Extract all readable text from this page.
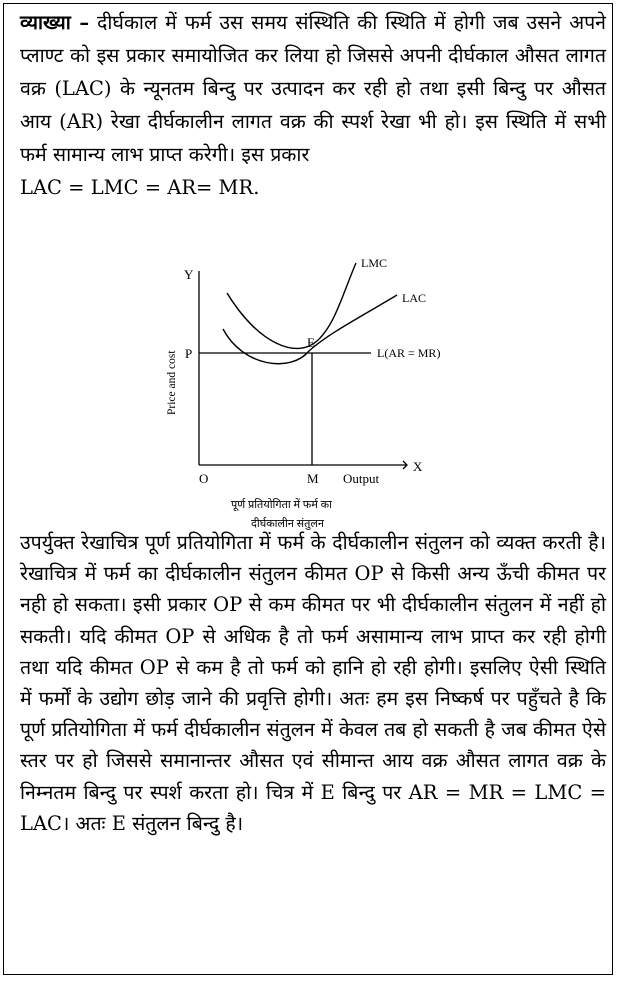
व्याख्या – दीर्घकाल में फर्म उस समय संस्थिति की स्थिति में होगी जब उसने अपने प्लाण्ट को इस प्रकार समायोजित कर लिया हो जिससे अपनी दीर्घकाल औसत लागत वक्र (LAC) के न्यूनतम बिन्दु पर उत्पादन कर रही हो तथा इसी बिन्दु पर औसत आय (AR) रेखा दीर्घकालीन लागत वक्र की स्पर्श रेखा भी हो। इस स्थिति में सभी फर्म सामान्य लाभ प्राप्त करेगी। इस प्रकार
LAC = LMC = AR= MR.

Y
X
O
P
M Output
E
LMC
LAC
L(AR = MR)
Price and cost
पूर्ण प्रतियोगिता में फर्म का
दीर्घकालीन संतुलन

उपर्युक्त रेखाचित्र पूर्ण प्रतियोगिता में फर्म के दीर्घकालीन संतुलन को व्यक्त करती है। रेखाचित्र में फर्म का दीर्घकालीन संतुलन कीमत OP से किसी अन्य ऊँची कीमत पर नही हो सकता। इसी प्रकार OP से कम कीमत पर भी दीर्घकालीन संतुलन में नहीं हो सकती। यदि कीमत OP से अधिक है तो फर्म असामान्य लाभ प्राप्त कर रही होगी तथा यदि कीमत OP से कम है तो फर्म को हानि हो रही होगी। इसलिए ऐसी स्थिति में फर्मों के उद्योग छोड़ जाने की प्रवृत्ति होगी। अतः हम इस निष्कर्ष पर पहुँचते है कि पूर्ण प्रतियोगिता में फर्म दीर्घकालीन संतुलन में केवल तब हो सकती है जब कीमत ऐसे स्तर पर हो जिससे समानान्तर औसत एवं सीमान्त आय वक्र औसत लागत वक्र के निम्नतम बिन्दु पर स्पर्श करता हो। चित्र में E बिन्दु पर AR = MR = LMC = LAC। अतः E संतुलन बिन्दु है।
